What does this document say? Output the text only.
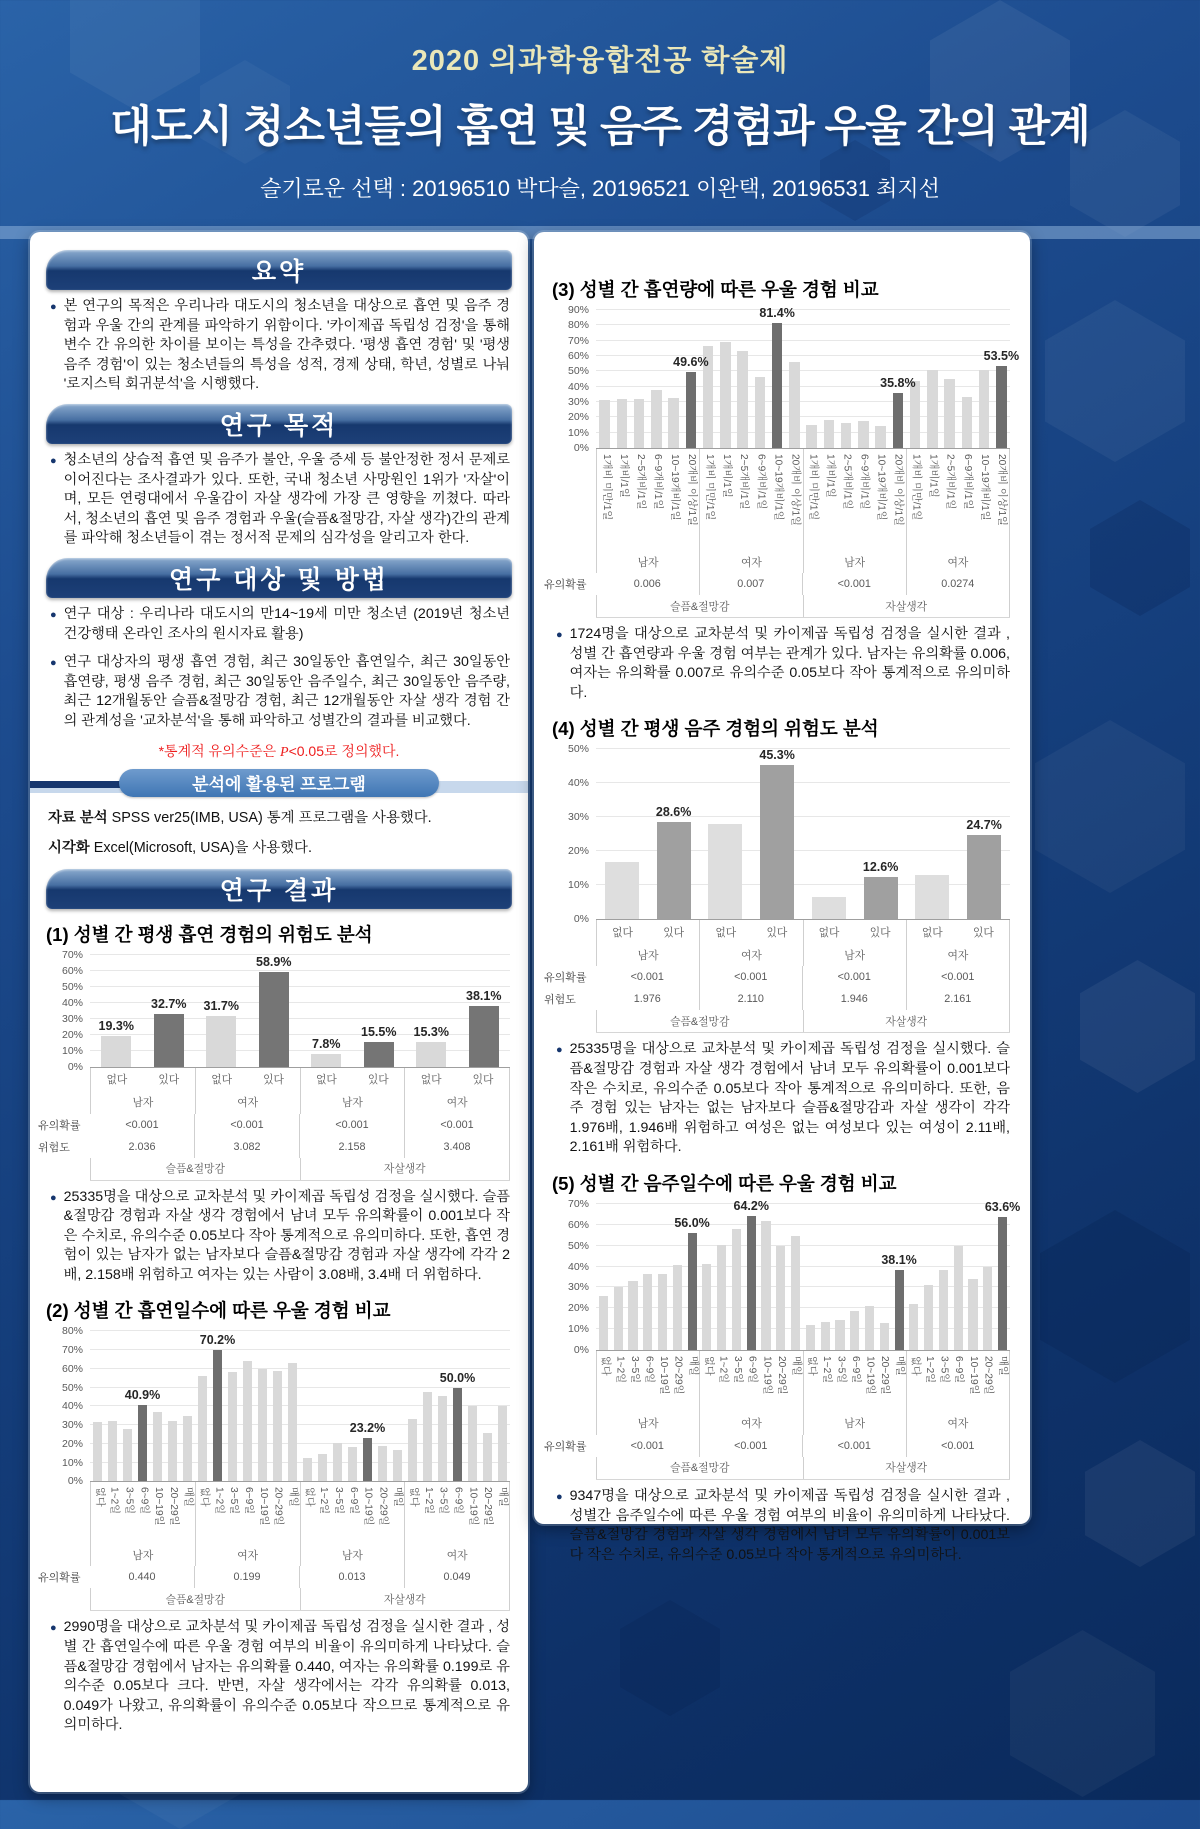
2020 의과학융합전공 학술제
대도시 청소년들의 흡연 및 음주 경험과 우울 간의 관계
슬기로운 선택 : 20196510 박다슬, 20196521 이완택, 20196531 최지선
요약

● 본 연구의 목적은 우리나라 대도시의 청소년을 대상으로 흡연 및 음주 경험과 우울 간의 관계를 파악하기 위함이다. '카이제곱 독립성 검정'을 통해 변수 간 유의한 차이를 보이는 특성을 간추렸다. '평생 흡연 경험' 및 '평생 음주 경험'이 있는 청소년들의 특성을 성적, 경제 상태, 학년, 성별로 나눠 '로지스틱 회귀분석'을 시행했다.

연구 목적

● 청소년의 상습적 흡연 및 음주가 불안, 우울 증세 등 불안정한 정서 문제로 이어진다는 조사결과가 있다. 또한, 국내 청소년 사망원인 1위가 '자살'이며, 모든 연령대에서 우울감이 자살 생각에 가장 큰 영향을 끼쳤다. 따라서, 청소년의 흡연 및 음주 경험과 우울(슬픔&절망감, 자살 생각)간의 관계를 파악해 청소년들이 겪는 정서적 문제의 심각성을 알리고자 한다.

연구 대상 및 방법

● 연구 대상 : 우리나라 대도시의 만14~19세 미만 청소년 (2019년 청소년 건강행태 온라인 조사의 원시자료 활용)

● 연구 대상자의 평생 흡연 경험, 최근 30일동안 흡연일수, 최근 30일동안 흡연량, 평생 음주 경험, 최근 30일동안 음주일수, 최근 30일동안 음주량, 최근 12개월동안 슬픔&절망감 경험, 최근 12개월동안 자살 생각 경험 간의 관계성을 '교차분석'을 통해 파악하고 성별간의 결과를 비교했다.

*통계적 유의수준은 P<0.05로 정의했다.
분석에 활용된 프로그램
자료 분석 SPSS ver25(IMB, USA) 통계 프로그램을 사용했다.
시각화 Excel(Microsoft, USA)을 사용했다.
연구 결과
(1) 성별 간 평생 흡연 경험의 위험도 분석
0%
10%
20%
30%
40%
50%
60%
70%
19.3%
32.7% 31.7%
58.9%
7.8%
15.5% 15.3%
38.1%
없다	있다	없다	있다	없다	있다	없다	있다
남자	여자	남자	여자
유의확률	<0.001	<0.001	<0.001	<0.001
위험도	2.036	3.082	2.158	3.408
슬픔&절망감	자살생각

● 25335명을 대상으로 교차분석 및 카이제곱 독립성 검정을 실시했다. 슬픔&절망감 경험과 자살 생각 경험에서 남녀 모두 유의확률이 0.001보다 작은 수치로, 유의수준 0.05보다 작아 통계적으로 유의미하다. 또한, 흡연 경험이 있는 남자가 없는 남자보다 슬픔&절망감 경험과 자살 생각에 각각 2배, 2.158배 위험하고 여자는 있는 사람이 3.08배, 3.4배 더 위험하다.

(2) 성별 간 흡연일수에 따른 우울 경험 비교
0%
10%
20%
30%
40%
50%
60%
70%
80%
40.9%
70.2%
23.2%
50.0%
없다 1~2일 3~5일 6~9일 10~19일 20~29일 매일 없다 1~2일 3~5일 6~9일 10~19일 20~29일 매일 없다 1~2일 3~5일 6~9일 10~19일 20~29일 매일 없다 1~2일 3~5일 6~9일 10~19일 20~29일 매일
남자	여자	남자	여자
유의확률	0.440	0.199	0.013	0.049
슬픔&절망감	자살생각

● 2990명을 대상으로 교차분석 및 카이제곱 독립성 검정을 실시한 결과 , 성별 간 흡연일수에 따른 우울 경험 여부의 비율이 유의미하게 나타났다. 슬픔&절망감 경험에서 남자는 유의확률 0.440, 여자는 유의확률 0.199로 유의수준 0.05보다 크다. 반면, 자살 생각에서는 각각 유의확률 0.013, 0.049가 나왔고, 유의확률이 유의수준 0.05보다 작으므로 통계적으로 유의미하다.

(3) 성별 간 흡연량에 따른 우울 경험 비교
0%
10%
20%
30%
40%
50%
60%
70%
80%
90%
49.6%
81.4%
35.8%
53.5%
1개비 미만/1일 1개비/1일 2~5개비/1일 6~9개비/1일 10~19개비/1일 20개비 이상/1일 1개비 미만/1일 1개비/1일 2~5개비/1일 6~9개비/1일 10~19개비/1일 20개비 이상/1일 1개비 미만/1일 1개비/1일 2~5개비/1일 6~9개비/1일 10~19개비/1일 20개비 이상/1일 1개비 미만/1일 1개비/1일 2~5개비/1일 6~9개비/1일 10~19개비/1일 20개비 이상/1일
남자	여자	남자	여자
유의확률	0.006	0.007	<0.001	0.0274
슬픔&절망감	자살생각

● 1724명을 대상으로 교차분석 및 카이제곱 독립성 검정을 실시한 결과 , 성별 간 흡연량과 우울 경험 여부는 관계가 있다. 남자는 유의확률 0.006, 여자는 유의확률 0.007로 유의수준 0.05보다 작아 통계적으로 유의미하다.

(4) 성별 간 평생 음주 경험의 위험도 분석
0%
10%
20%
30%
40%
50%
28.6%
45.3%
12.6%
24.7%
없다	있다	없다	있다	없다	있다	없다	있다
남자	여자	남자	여자
유의확률	<0.001	<0.001	<0.001	<0.001
위험도	1.976	2.110	1.946	2.161
슬픔&절망감	자살생각

● 25335명을 대상으로 교차분석 및 카이제곱 독립성 검정을 실시했다. 슬픔&절망감 경험과 자살 생각 경험에서 남녀 모두 유의확률이 0.001보다 작은 수치로, 유의수준 0.05보다 작아 통계적으로 유의미하다. 또한, 음주 경험 있는 남자는 없는 남자보다 슬픔&절망감과 자살 생각이 각각 1.976배, 1.946배 위험하고 여성은 없는 여성보다 있는 여성이 2.11배, 2.161배 위험하다.

(5) 성별 간 음주일수에 따른 우울 경험 비교
0%
10%
20%
30%
40%
50%
60%
70%
56.0%
64.2%
38.1%
63.6%
없다 1~2일 3~5일 6~9일 10~19일 20~29일 매일 없다 1~2일 3~5일 6~9일 10~19일 20~29일 매일 없다 1~2일 3~5일 6~9일 10~19일 20~29일 매일 없다 1~2일 3~5일 6~9일 10~19일 20~29일 매일
남자	여자	남자	여자
유의확률	<0.001	<0.001	<0.001	<0.001
슬픔&절망감	자살생각

● 9347명을 대상으로 교차분석 및 카이제곱 독립성 검정을 실시한 결과 , 성별간 음주일수에 따른 우울 경험 여부의 비율이 유의미하게 나타났다. 슬픔&절망감 경험과 자살 생각 경험에서 남녀 모두 유의확률이 0.001보다 작은 수치로, 유의수준 0.05보다 작아 통계적으로 유의미하다.
